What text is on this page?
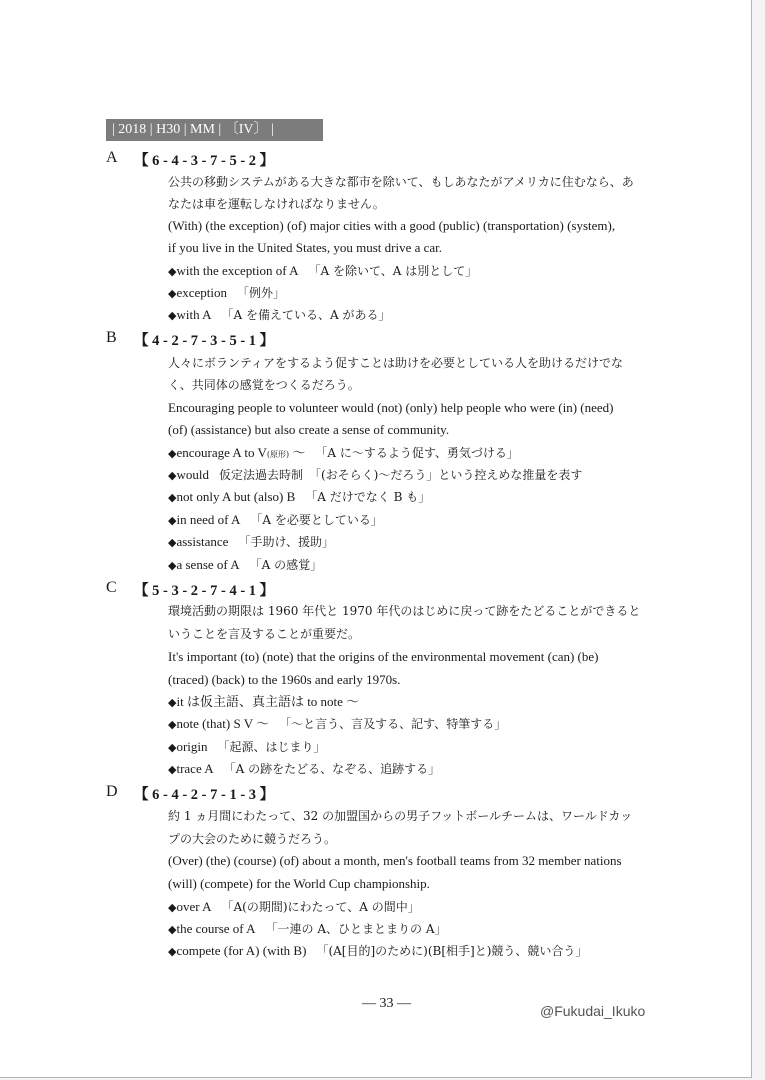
| 2018 | H30 | MM | 〔IV〕 |
A 【 6 - 4 - 3 - 7 - 5 - 2 】
公共の移動システムがある大きな都市を除いて、もしあなたがアメリカに住むなら、あ
なたは車を運転しなければなりません。
(With) (the exception) (of) major cities with a good (public) (transportation) (system),
if you live in the United States, you must drive a car.
◆with the exception of A 「A を除いて、A は別として」
◆exception 「例外」
◆with A 「A を備えている、A がある」
B 【 4 - 2 - 7 - 3 - 5 - 1 】
人々にボランティアをするよう促すことは助けを必要としている人を助けるだけでな
く、共同体の感覚をつくるだろう。
Encouraging people to volunteer would (not) (only) help people who were (in) (need)
(of) (assistance) but also create a sense of community.
◆encourage A to V(原形) ～ 「A に～するよう促す、勇気づける」
◆would 仮定法過去時制　「(おそらく)～だろう」という控えめな推量を表す
◆not only A but (also) B 「A だけでなく B も」
◆in need of A 「A を必要としている」
◆assistance 「手助け、援助」
◆a sense of A 「A の感覚」
C 【 5 - 3 - 2 - 7 - 4 - 1 】
環境活動の期限は 1960 年代と 1970 年代のはじめに戻って跡をたどることができると
いうことを言及することが重要だ。
It's important (to) (note) that the origins of the environmental movement (can) (be)
(traced) (back) to the 1960s and early 1970s.
◆it は仮主語、真主語は to note ～
◆note (that) S V ～ 「～と言う、言及する、記す、特筆する」
◆origin 「起源、はじまり」
◆trace A 「A の跡をたどる、なぞる、追跡する」
D 【 6 - 4 - 2 - 7 - 1 - 3 】
約 1 ヵ月間にわたって、32 の加盟国からの男子フットボールチームは、ワールドカッ
プの大会のために競うだろう。
(Over) (the) (course) (of) about a month, men's football teams from 32 member nations
(will) (compete) for the World Cup championship.
◆over A 「A(の期間)にわたって、A の間中」
◆the course of A 「一連の A、ひとまとまりの A」
◆compete (for A) (with B) 「(A[目的]のために)(B[相手]と)競う、競い合う」
— 33 —	@Fukudai_Ikuko
